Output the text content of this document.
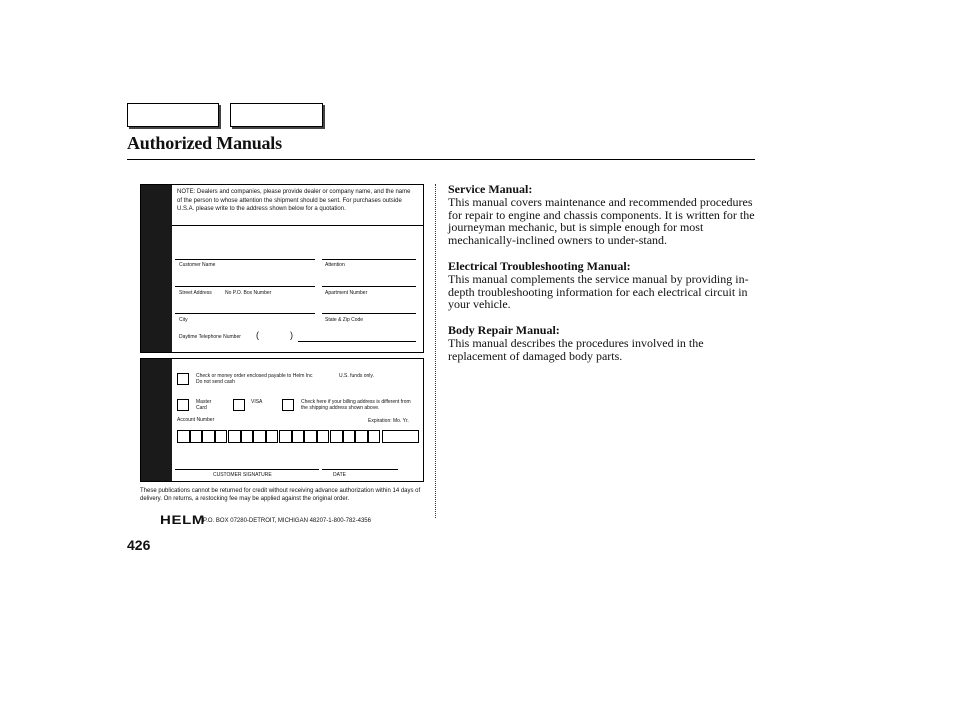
Authorized Manuals
NOTE: Dealers and companies, please provide dealer or company name, and the name of the person to whose attention the shipment should be sent. For purchases outside U.S.A. please write to the address shown below for a quotation.
Customer Name	Attention
Street Address	No P.O. Box Number	Apartment Number
City	State & Zip Code
Daytime Telephone Number (	)
Check or money order enclosed payable to Helm Inc
Do not send cash
U.S. funds only.
Master Card
VISA	Check here if your billing address is different from the shipping address shown above.
Account Number	Expiration: Mo. Yr.
CUSTOMER SIGNATURE	DATE
These publications cannot be returned for credit without receiving advance authorization within 14 days of delivery. On returns, a restocking fee may be applied against the original order.
HELM
P.O. BOX 07280-DETROIT, MICHIGAN 48207-1-800-782-4356
Service Manual:

This manual covers maintenance and recommended procedures for repair to engine and chassis components. It is written for the journeyman mechanic, but is simple enough for most mechanically-inclined owners to under-stand.

Electrical Troubleshooting Manual:

This manual complements the service manual by providing in-depth troubleshooting information for each electrical circuit in your vehicle.

Body Repair Manual:

This manual describes the procedures involved in the replacement of damaged body parts.

426
